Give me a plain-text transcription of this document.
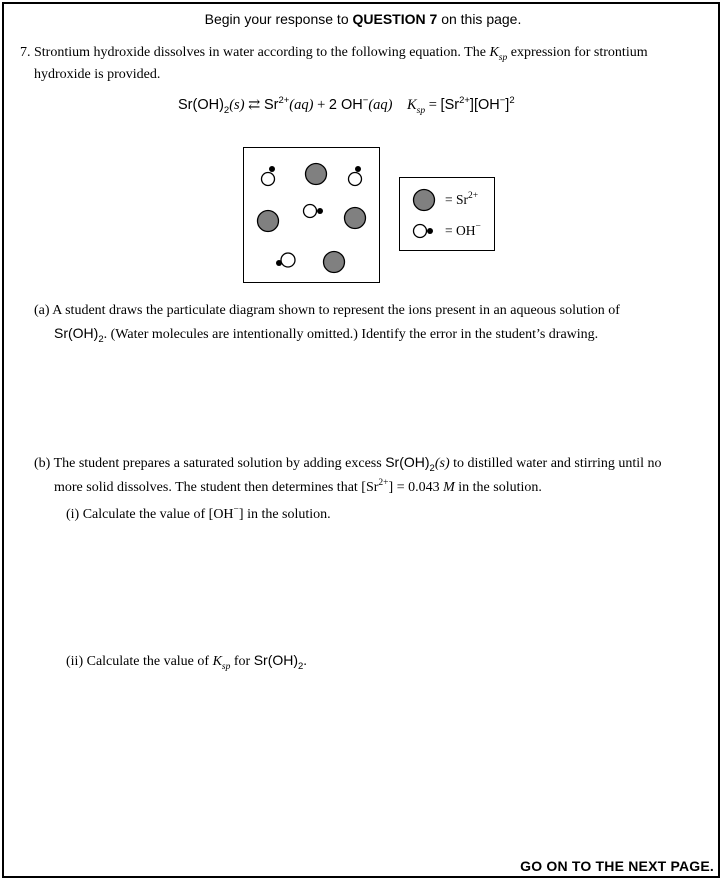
Begin your response to QUESTION 7 on this page.
7. Strontium hydroxide dissolves in water according to the following equation. The $K_{sp}$ expression for strontium
hydroxide is provided.
$Sr(OH)_2(s)$ ⇄ $Sr^{2+}(aq) + 2$ OH−(aq) $K_{sp} = [Sr^{2+}][OH^-]^2$
= $Sr^{2+}$
= OH−
(a) A student draws the particulate diagram shown to represent the ions present in an aqueous solution of
$Sr(OH)_2$. (Water molecules are intentionally omitted.) Identify the error in the student’s drawing.
(b) The student prepares a saturated solution by adding excess $Sr(OH)_2(s)$ to distilled water and stirring until no
more solid dissolves. The student then determines that $[Sr^{2+}] = 0.043$ M in the solution.
(i) Calculate the value of [OH−] in the solution.
(ii) Calculate the value of $K_{sp}$ for $Sr(OH)_2$.
GO ON TO THE NEXT PAGE.
